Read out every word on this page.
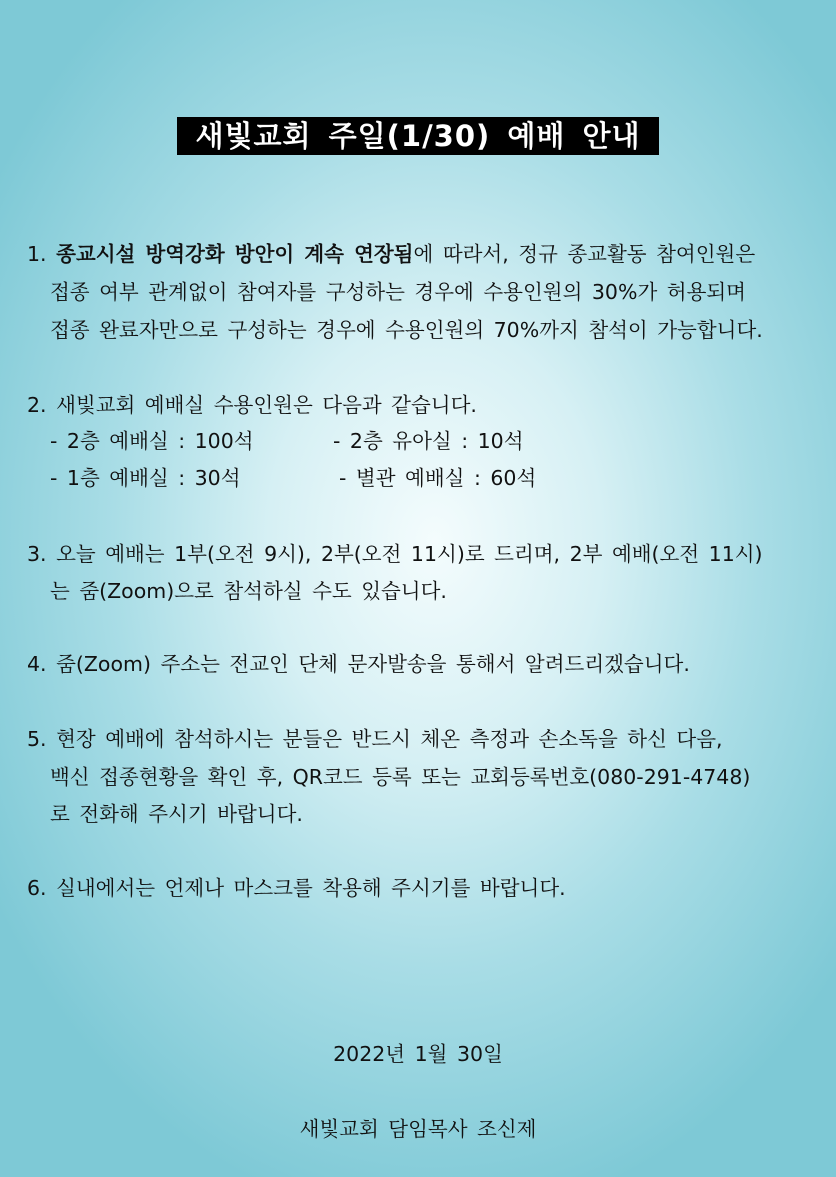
새빛교회 주일(1/30) 예배 안내
1. 종교시설 방역강화 방안이 계속 연장됨에 따라서, 정규 종교활동 참여인원은
접종 여부 관계없이 참여자를 구성하는 경우에 수용인원의 30%가 허용되며
접종 완료자만으로 구성하는 경우에 수용인원의 70%까지 참석이 가능합니다.
2. 새빛교회 예배실 수용인원은 다음과 같습니다.
- 2층 예배실 : 100석	- 2층 유아실 : 10석
- 1층 예배실 : 30석	- 별관 예배실 : 60석
3. 오늘 예배는 1부(오전 9시), 2부(오전 11시)로 드리며, 2부 예배(오전 11시)
는 줌(Zoom)으로 참석하실 수도 있습니다.
4. 줌(Zoom) 주소는 전교인 단체 문자발송을 통해서 알려드리겠습니다.
5. 현장 예배에 참석하시는 분들은 반드시 체온 측정과 손소독을 하신 다음,
백신 접종현황을 확인 후, QR코드 등록 또는 교회등록번호(080-291-4748)
로 전화해 주시기 바랍니다.
6. 실내에서는 언제나 마스크를 착용해 주시기를 바랍니다.
2022년 1월 30일
새빛교회 담임목사 조신제
